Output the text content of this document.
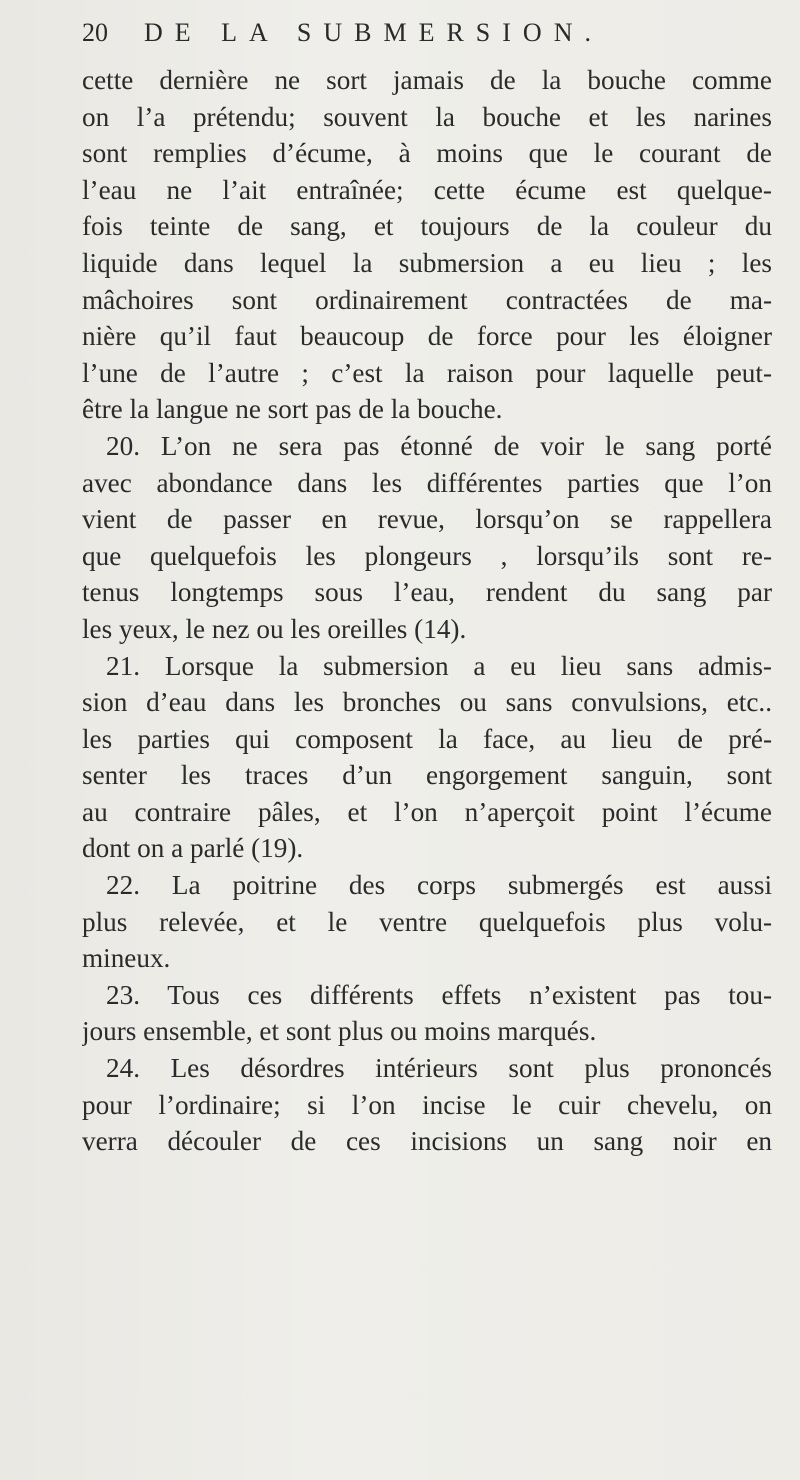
20 DE LA SUBMERSION.
cette dernière ne sort jamais de la bouche comme
on l’a prétendu; souvent la bouche et les narines
sont remplies d’écume, à moins que le courant de
l’eau ne l’ait entraînée; cette écume est quelque-
fois teinte de sang, et toujours de la couleur du
liquide dans lequel la submersion a eu lieu ; les
mâchoires sont ordinairement contractées de ma-
nière qu’il faut beaucoup de force pour les éloigner
l’une de l’autre ; c’est la raison pour laquelle peut-
être la langue ne sort pas de la bouche.
20. L’on ne sera pas étonné de voir le sang porté
avec abondance dans les différentes parties que l’on
vient de passer en revue, lorsqu’on se rappellera
que quelquefois les plongeurs , lorsqu’ils sont re-
tenus longtemps sous l’eau, rendent du sang par
les yeux, le nez ou les oreilles (14).
21. Lorsque la submersion a eu lieu sans admis-
sion d’eau dans les bronches ou sans convulsions, etc..
les parties qui composent la face, au lieu de pré-
senter les traces d’un engorgement sanguin, sont
au contraire pâles, et l’on n’aperçoit point l’écume
dont on a parlé (19).
22. La poitrine des corps submergés est aussi
plus relevée, et le ventre quelquefois plus volu-
mineux.
23. Tous ces différents effets n’existent pas tou-
jours ensemble, et sont plus ou moins marqués.
24. Les désordres intérieurs sont plus prononcés
pour l’ordinaire; si l’on incise le cuir chevelu, on
verra découler de ces incisions un sang noir en
